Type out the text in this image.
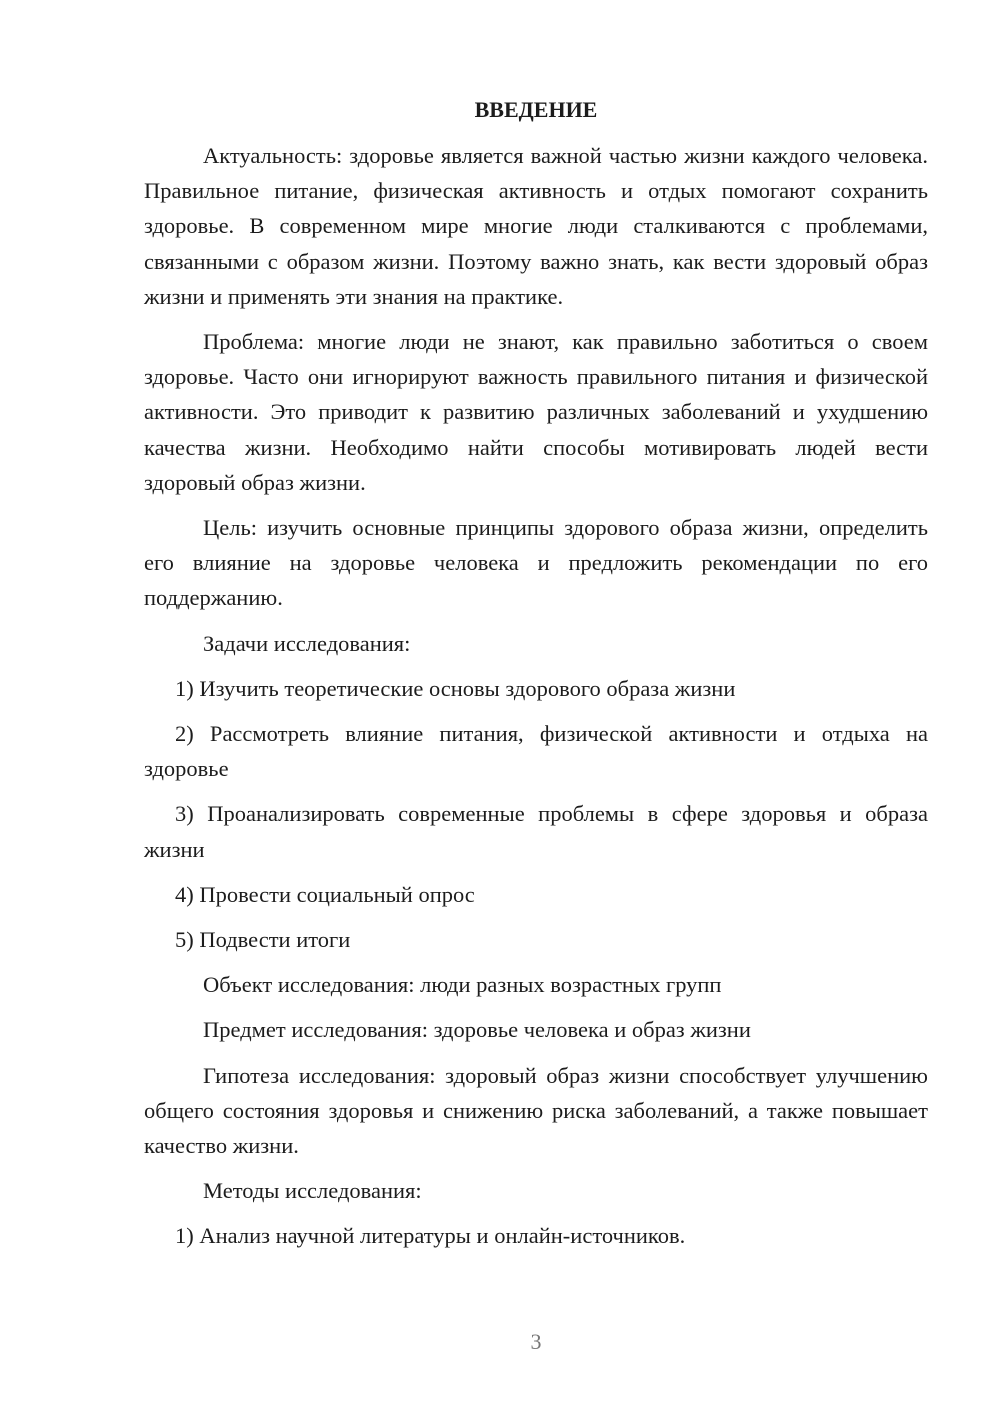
ВВЕДЕНИЕ

Актуальность: здоровье является важной частью жизни каждого человека. Правильное питание, физическая активность и отдых помогают сохранить здоровье. В современном мире многие люди сталкиваются с проблемами, связанными с образом жизни. Поэтому важно знать, как вести здоровый образ жизни и применять эти знания на практике.

Проблема: многие люди не знают, как правильно заботиться о своем здоровье. Часто они игнорируют важность правильного питания и физической активности. Это приводит к развитию различных заболеваний и ухудшению качества жизни. Необходимо найти способы мотивировать людей вести здоровый образ жизни.

Цель: изучить основные принципы здорового образа жизни, определить его влияние на здоровье человека и предложить рекомендации по его поддержанию.

Задачи исследования:

1) Изучить теоретические основы здорового образа жизни

2) Рассмотреть влияние питания, физической активности и отдыха на здоровье

3) Проанализировать современные проблемы в сфере здоровья и образа жизни

4) Провести социальный опрос

5) Подвести итоги

Объект исследования: люди разных возрастных групп

Предмет исследования: здоровье человека и образ жизни

Гипотеза исследования: здоровый образ жизни способствует улучшению общего состояния здоровья и снижению риска заболеваний, а также повышает качество жизни.

Методы исследования:

1) Анализ научной литературы и онлайн-источников.

3
